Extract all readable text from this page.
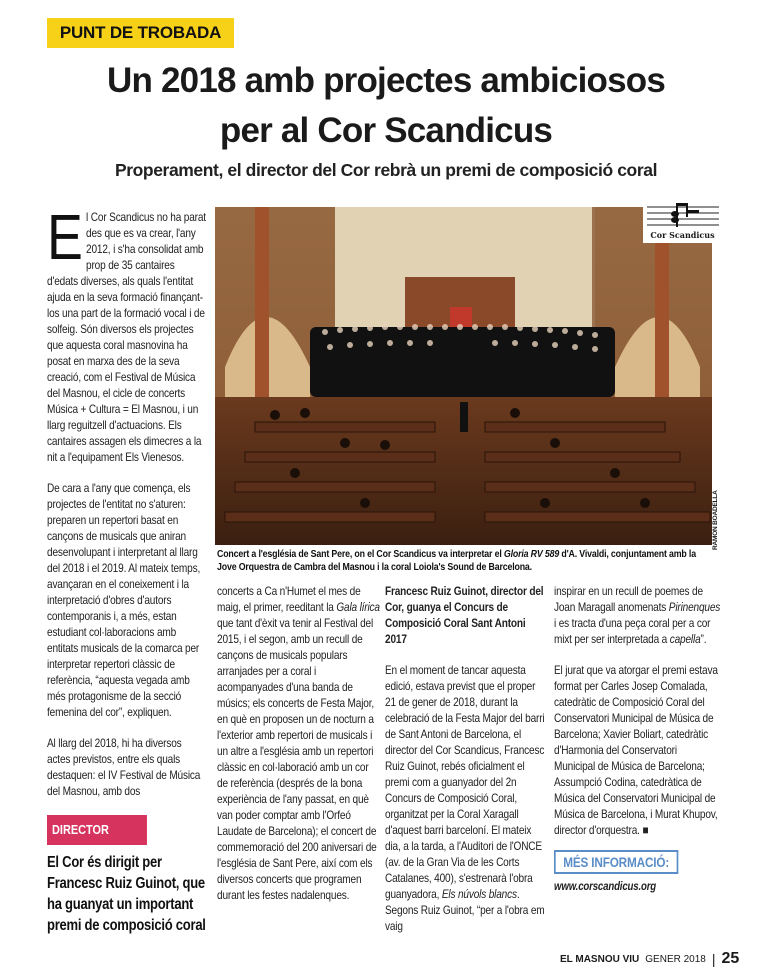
PUNT DE TROBADA
Un 2018 amb projectes ambiciosos
per al Cor Scandicus
Properament, el director del Cor rebrà un premi de composició coral

El Cor Scandicus no ha parat des que es va crear, l'any 2012, i s'ha consolidat amb prop de 35 cantaires d'edats diverses, als quals l'entitat ajuda en la seva formació finançant-los una part de la formació vocal i de solfeig. Són diversos els projectes que aquesta coral masnovina ha posat en marxa des de la seva creació, com el Festival de Música del Masnou, el cicle de concerts Música + Cultura = El Masnou, i un llarg reguitzell d'actuacions. Els cantaires assagen els dimecres a la nit a l'equipament Els Vienesos.

De cara a l'any que comença, els projectes de l'entitat no s'aturen: preparen un repertori basat en cançons de musicals que aniran desenvolupant i interpretant al llarg del 2018 i el 2019. Al mateix temps, avançaran en el coneixement i la interpretació d'obres d'autors contemporanis i, a més, estan estudiant col·laboracions amb entitats musicals de la comarca per interpretar repertori clàssic de referència, “aquesta vegada amb més protagonisme de la secció femenina del cor”, expliquen.

Al llarg del 2018, hi ha diversos actes previstos, entre els quals destaquen: el IV Festival de Música del Masnou, amb dos

DIRECTOR
El Cor és dirigit per Francesc Ruiz Guinot, que ha guanyat un important premi de composició coral
Cor Scandicus
RAMON BOADELLA
Concert a l'església de Sant Pere, on el Cor Scandicus va interpretar el Gloria RV 589 d'A. Vivaldi, conjuntament amb la Jove Orquestra de Cambra del Masnou i la coral Loiola's Sound de Barcelona.

concerts a Ca n'Humet el mes de maig, el primer, reeditant la Gala lírica que tant d'èxit va tenir al Festival del 2015, i el segon, amb un recull de cançons de musicals populars arranjades per a coral i acompanyades d'una banda de músics; els concerts de Festa Major, en què en proposen un de nocturn a l'exterior amb repertori de musicals i un altre a l'església amb un repertori clàssic en col·laboració amb un cor de referència (després de la bona experiència de l'any passat, en què van poder comptar amb l'Orfeó Laudate de Barcelona); el concert de commemoració del 200 aniversari de l'església de Sant Pere, així com els diversos concerts que programen durant les festes nadalenques.

Francesc Ruiz Guinot, director del Cor, guanya el Concurs de Composició Coral Sant Antoni 2017

En el moment de tancar aquesta edició, estava previst que el proper 21 de gener de 2018, durant la celebració de la Festa Major del barri de Sant Antoni de Barcelona, el director del Cor Scandicus, Francesc Ruiz Guinot, rebés oficialment el premi com a guanyador del 2n Concurs de Composició Coral, organitzat per la Coral Xaragall d'aquest barri barceloní. El mateix dia, a la tarda, a l'Auditori de l'ONCE (av. de la Gran Via de les Corts Catalanes, 400), s'estrenarà l'obra guanyadora, Els núvols blancs. Segons Ruiz Guinot, “per a l'obra em vaig

inspirar en un recull de poemes de Joan Maragall anomenats Pirinenques i es tracta d'una peça coral per a cor mixt per ser interpretada a capella”.

El jurat que va atorgar el premi estava format per Carles Josep Comalada, catedràtic de Composició Coral del Conservatori Municipal de Música de Barcelona; Xavier Boliart, catedràtic d'Harmonia del Conservatori Municipal de Música de Barcelona; Assumpció Codina, catedràtica de Música del Conservatori Municipal de Música de Barcelona, i Murat Khupov, director d'orquestra. ■

MÉS INFORMACIÓ:
www.corscandicus.org
EL MASNOU VIU GENER 2018 | 25
